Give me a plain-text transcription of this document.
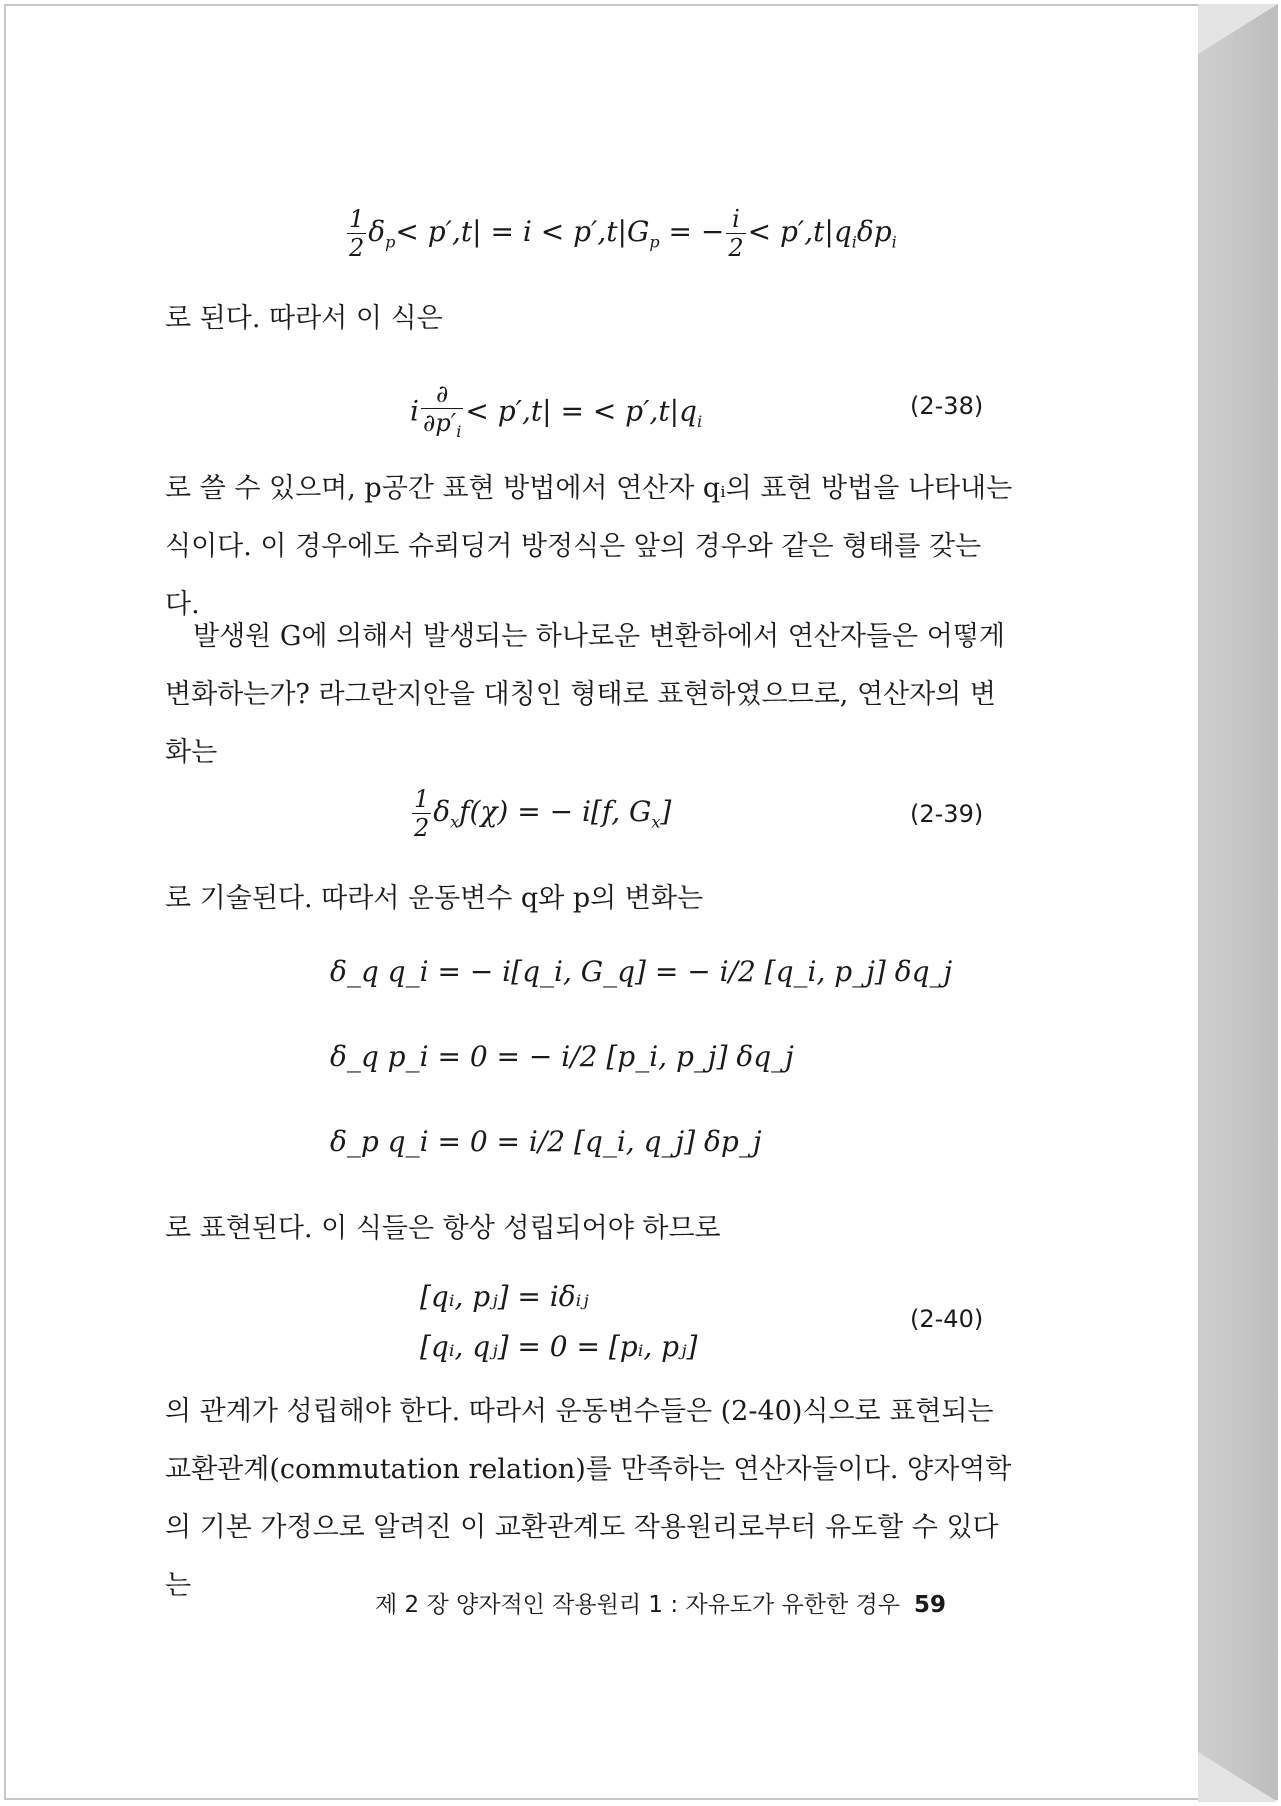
$\frac{1}{2} \delta_p< p',t| = i < p',t|G_p$ = − $\frac{i}{2} < p',t|q_i\delta p_i$
로 된다. 따라서 이 식은
i $\frac{\partial}{\partial p'_i} < p',t|$ = < $p',t|q_i$
(2-38)
로 쓸 수 있으며, p공간 표현 방법에서 연산자 qᵢ의 표현 방법을 나타내는 식이다. 이 경우에도 슈뢰딩거 방정식은 앞의 경우와 같은 형태를 갖는다.
발생원 G에 의해서 발생되는 하나로운 변환하에서 연산자들은 어떻게 변화하는가? 라그란지안을 대칭인 형태로 표현하였으므로, 연산자의 변화는
$\frac{1}{2} \delta_xf(\chi)$ = − i[f, $G_x$]	(2-39)
로 기술된다. 따라서 운동변수 q와 p의 변화는
δ_q q_i = − i[q_i, G_q] = − i/2 [q_i, p_j] δq_j
δ_q p_i = 0 = − i/2 [p_i, p_j] δq_j
δ_p q_i = 0 = i/2 [q_i, q_j] δp_j
로 표현된다. 이 식들은 항상 성립되어야 하므로
[qᵢ, pⱼ] = iδᵢⱼ
[qᵢ, qⱼ] = 0 = [pᵢ, pⱼ]
(2-40)
의 관계가 성립해야 한다. 따라서 운동변수들은 (2-40)식으로 표현되는 교환관계(commutation relation)를 만족하는 연산자들이다. 양자역학의 기본 가정으로 알려진 이 교환관계도 작용원리로부터 유도할 수 있다는
제 2 장 양자적인 작용원리 1 : 자유도가 유한한 경우 59
